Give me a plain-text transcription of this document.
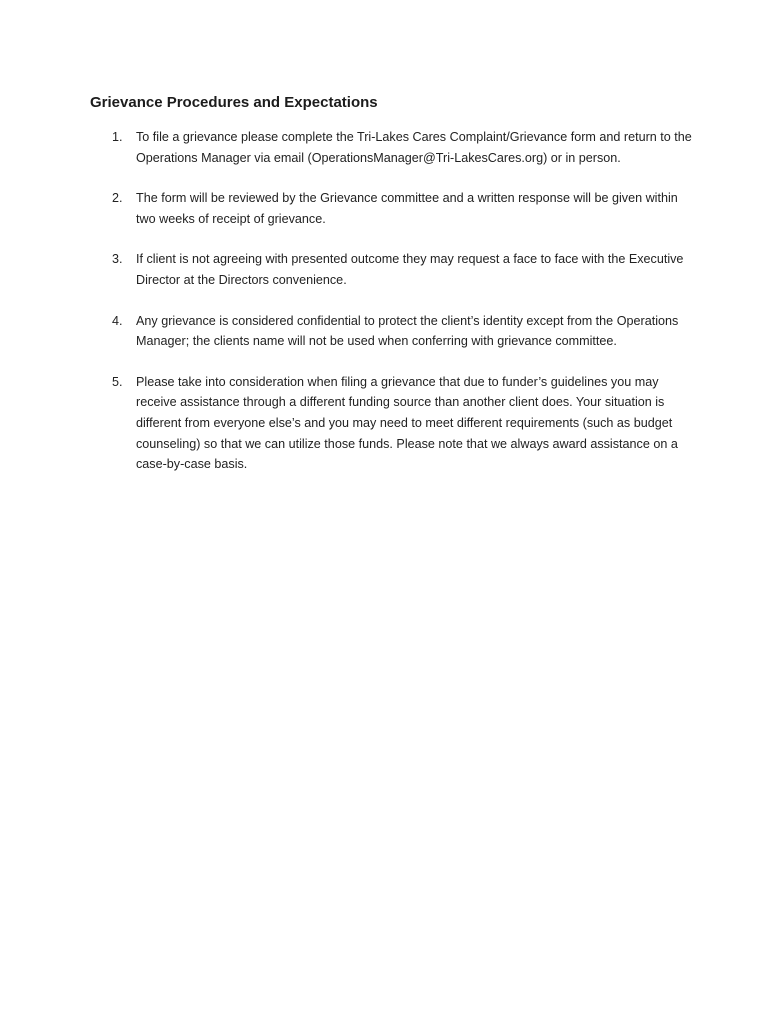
Grievance Procedures and Expectations
1. To file a grievance please complete the Tri-Lakes Cares Complaint/Grievance form and return to the Operations Manager via email (OperationsManager@Tri-LakesCares.org) or in person.
2. The form will be reviewed by the Grievance committee and a written response will be given within two weeks of receipt of grievance.
3. If client is not agreeing with presented outcome they may request a face to face with the Executive Director at the Directors convenience.
4. Any grievance is considered confidential to protect the client’s identity except from the Operations Manager; the clients name will not be used when conferring with grievance committee.
5. Please take into consideration when filing a grievance that due to funder’s guidelines you may receive assistance through a different funding source than another client does. Your situation is different from everyone else’s and you may need to meet different requirements (such as budget counseling) so that we can utilize those funds. Please note that we always award assistance on a case-by-case basis.
